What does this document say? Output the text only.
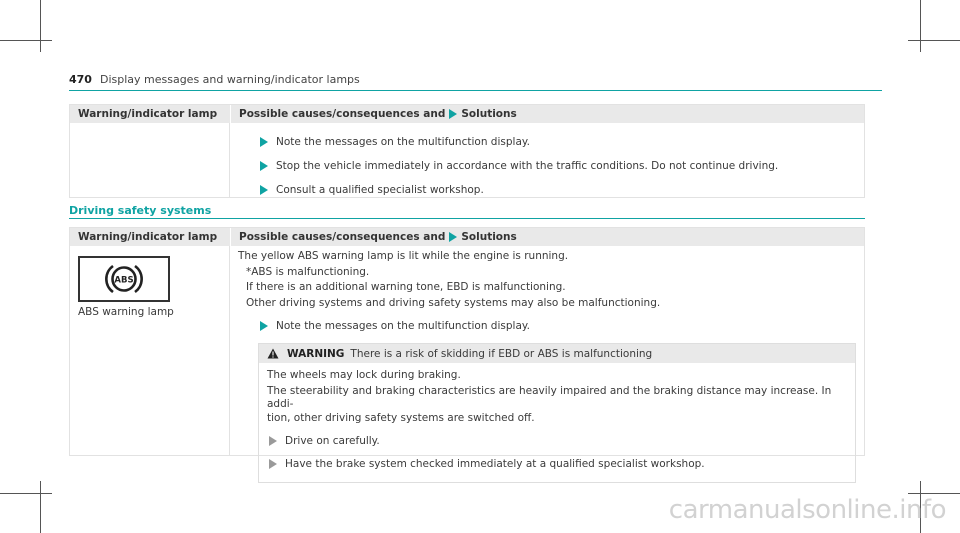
470 Display messages and warning/indicator lamps
Warning/indicator lamp	Possible causes/consequences and Solutions
Note the messages on the multifunction display.
Stop the vehicle immediately in accordance with the traffic conditions. Do not continue driving.
Consult a qualified specialist workshop.
Driving safety systems
Warning/indicator lamp	Possible causes/consequences and Solutions
ABS
ABS warning lamp
The yellow ABS warning lamp is lit while the engine is running.
*ABS is malfunctioning.
If there is an additional warning tone, EBD is malfunctioning.
Other driving systems and driving safety systems may also be malfunctioning.
Note the messages on the multifunction display.
WARNING There is a risk of skidding if EBD or ABS is malfunctioning
The wheels may lock during braking.
The steerability and braking characteristics are heavily impaired and the braking distance may increase. In addi-
tion, other driving safety systems are switched off.
Drive on carefully.
Have the brake system checked immediately at a qualified specialist workshop.
carmanualsonline.info
